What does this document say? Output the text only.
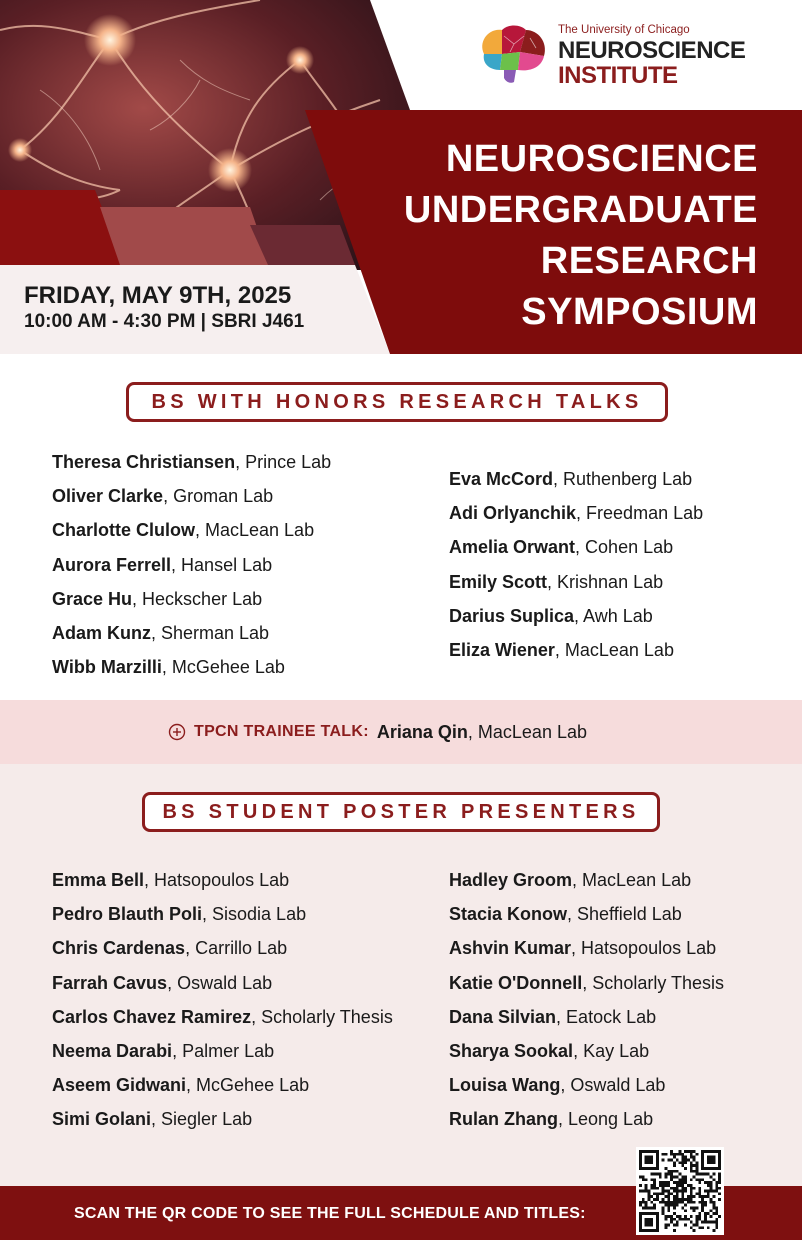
The University of Chicago
NEUROSCIENCE
INSTITUTE
NEUROSCIENCE
UNDERGRADUATE
RESEARCH
SYMPOSIUM
FRIDAY, MAY 9TH, 2025
10:00 AM - 4:30 PM | SBRI J461
BS WITH HONORS RESEARCH TALKS
Theresa Christiansen, Prince Lab
Oliver Clarke, Groman Lab
Charlotte Clulow, MacLean Lab
Aurora Ferrell, Hansel Lab
Grace Hu, Heckscher Lab
Adam Kunz, Sherman Lab
Wibb Marzilli, McGehee Lab
Eva McCord, Ruthenberg Lab
Adi Orlyanchik, Freedman Lab
Amelia Orwant, Cohen Lab
Emily Scott, Krishnan Lab
Darius Suplica, Awh Lab
Eliza Wiener, MacLean Lab
TPCN TRAINEE TALK: Ariana Qin , MacLean Lab
BS STUDENT POSTER PRESENTERS
Emma Bell, Hatsopoulos Lab
Pedro Blauth Poli, Sisodia Lab
Chris Cardenas, Carrillo Lab
Farrah Cavus, Oswald Lab
Carlos Chavez Ramirez, Scholarly Thesis
Neema Darabi, Palmer Lab
Aseem Gidwani, McGehee Lab
Simi Golani, Siegler Lab
Hadley Groom, MacLean Lab
Stacia Konow, Sheffield Lab
Ashvin Kumar, Hatsopoulos Lab
Katie O'Donnell, Scholarly Thesis
Dana Silvian, Eatock Lab
Sharya Sookal, Kay Lab
Louisa Wang, Oswald Lab
Rulan Zhang, Leong Lab
SCAN THE QR CODE TO SEE THE FULL SCHEDULE AND TITLES:
